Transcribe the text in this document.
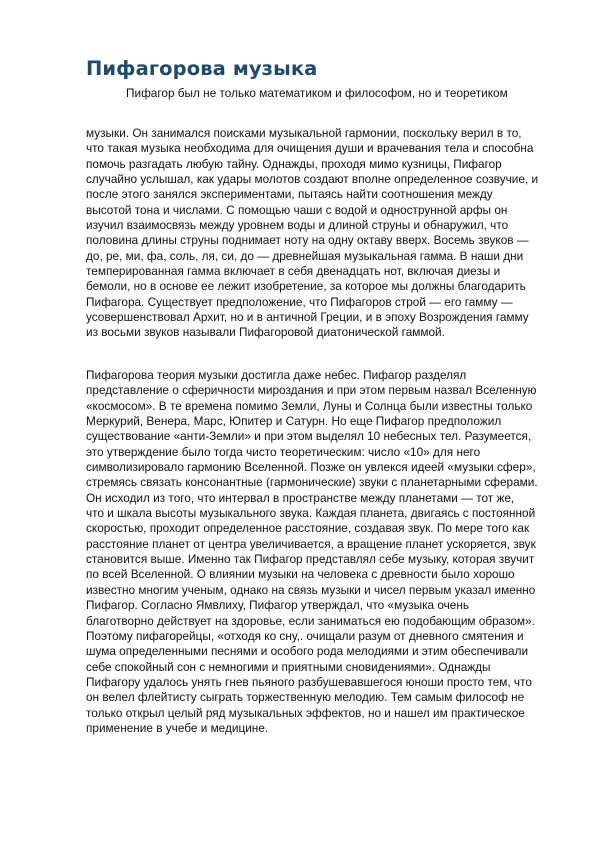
Пифагорова музыка

Пифагор был не только математиком и философом, но и теоретиком

музыки. Он занимался поисками музыкальной гармонии, поскольку верил в то,
что такая музыка необходима для очищения души и врачевания тела и способна
помочь разгадать любую тайну. Однажды, проходя мимо кузницы, Пифагор
случайно услышал, как удары молотов создают вполне определенное созвучие, и
после этого занялся экспериментами, пытаясь найти соотношения между
высотой тона и числами. С помощью чаши с водой и однострунной арфы он
изучил взаимосвязь между уровнем воды и длиной струны и обнаружил, что
половина длины струны поднимает ноту на одну октаву вверх. Восемь звуков —
до, ре, ми, фа, соль, ля, си, до — древнейшая музыкальная гамма. В наши дни
темперированная гамма включает в себя двенадцать нот, включая диезы и
бемоли, но в основе ее лежит изобретение, за которое мы должны благодарить
Пифагора. Существует предположение, что Пифагоров строй — его гамму —
усовершенствовал Архит, но и в античной Греции, и в эпоху Возрождения гамму
из восьми звуков называли Пифагоровой диатонической гаммой.
Пифагорова теория музыки достигла даже небес. Пифагор разделял
представление о сферичности мироздания и при этом первым назвал Вселенную
«космосом». В те времена помимо Земли, Луны и Солнца были известны только
Меркурий, Венера, Марс, Юпитер и Сатурн. Но еще Пифагор предположил
существование «анти-Земли» и при этом выделял 10 небесных тел. Разумеется,
это утверждение было тогда чисто теоретическим: число «10» для него
символизировало гармонию Вселенной. Позже он увлекся идеей «музыки сфер»,
стремясь связать консонантные (гармонические) звуки с планетарными сферами.
Он исходил из того, что интервал в пространстве между планетами — тот же,
что и шкала высоты музыкального звука. Каждая планета, двигаясь с постоянной
скоростью, проходит определенное расстояние, создавая звук. По мере того как
расстояние планет от центра увеличивается, а вращение планет ускоряется, звук
становится выше. Именно так Пифагор представлял себе музыку, которая звучит
по всей Вселенной. О влиянии музыки на человека с древности было хорошо
известно многим ученым, однако на связь музыки и чисел первым указал именно
Пифагор. Согласно Ямвлиху, Пифагор утверждал, что «музыка очень
благотворно действует на здоровье, если заниматься ею подобающим образом».
Поэтому пифагорейцы, «отходя ко сну,. очищали разум от дневного смятения и
шума определенными песнями и особого рода мелодиями и этим обеспечивали
себе спокойный сон с немногими и приятными сновидениями». Однажды
Пифагору удалось унять гнев пьяного разбушевавшегося юноши просто тем, что
он велел флейтисту сыграть торжественную мелодию. Тем самым философ не
только открыл целый ряд музыкальных эффектов, но и нашел им практическое
применение в учебе и медицине.
